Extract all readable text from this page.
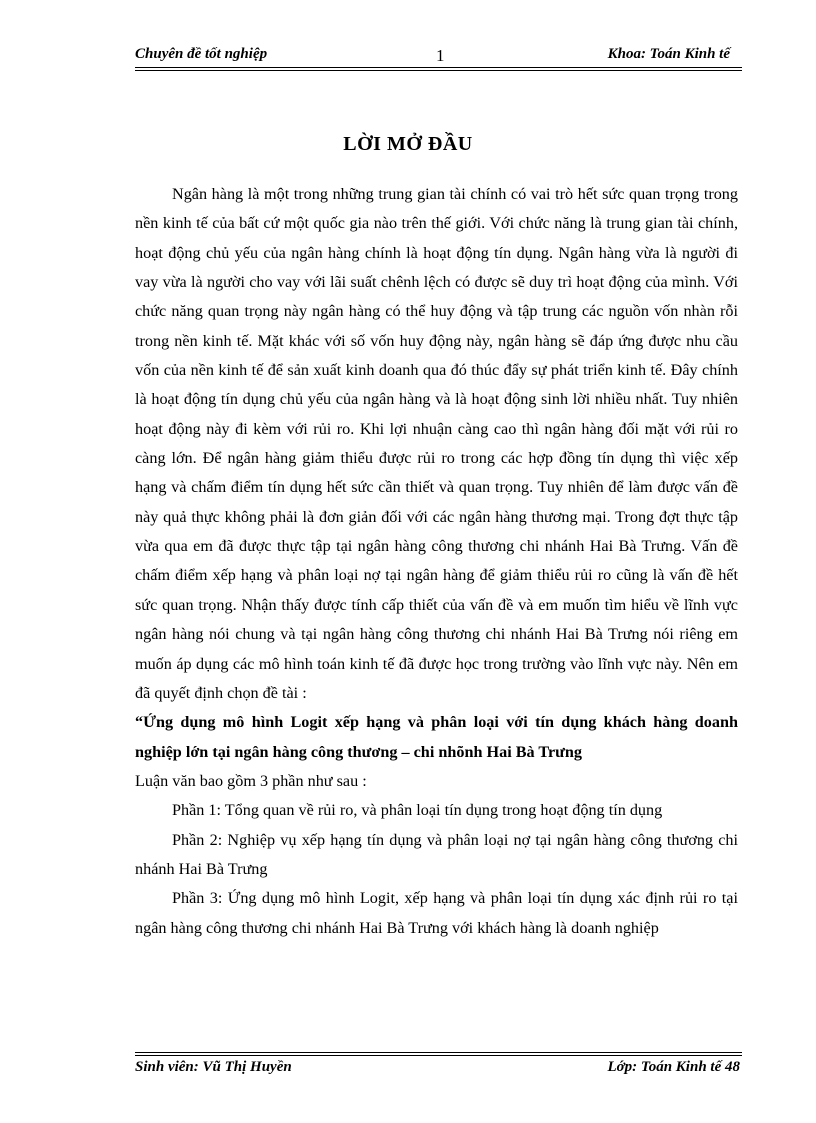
Chuyên đề tốt nghiệp	1	Khoa: Toán Kinh tế
LỜI MỞ ĐẦU

Ngân hàng là một trong những trung gian tài chính có vai trò hết sức quan trọng trong nền kinh tế của bất cứ một quốc gia nào trên thế giới. Với chức năng là trung gian tài chính, hoạt động chủ yếu của ngân hàng chính là hoạt động tín dụng. Ngân hàng vừa là người đi vay vừa là người cho vay với lãi suất chênh lệch có được sẽ duy trì hoạt động của mình. Với chức năng quan trọng này ngân hàng có thể huy động và tập trung các nguồn vốn nhàn rỗi trong nền kinh tế. Mặt khác với số vốn huy động này, ngân hàng sẽ đáp ứng được nhu cầu vốn của nền kinh tế để sản xuất kinh doanh qua đó thúc đẩy sự phát triển kinh tế. Đây chính là hoạt động tín dụng chủ yếu của ngân hàng và là hoạt động sinh lời nhiều nhất. Tuy nhiên hoạt động này đi kèm với rủi ro. Khi lợi nhuận càng cao thì ngân hàng đối mặt với rủi ro càng lớn. Để ngân hàng giảm thiểu được rủi ro trong các hợp đồng tín dụng thì việc xếp hạng và chấm điểm tín dụng hết sức cần thiết và quan trọng. Tuy nhiên để làm được vấn đề này quả thực không phải là đơn giản đối với các ngân hàng thương mại. Trong đợt thực tập vừa qua em đã được thực tập tại ngân hàng công thương chi nhánh Hai Bà Trưng. Vấn đề chấm điểm xếp hạng và phân loại nợ tại ngân hàng để giảm thiểu rủi ro cũng là vấn đề hết sức quan trọng. Nhận thấy được tính cấp thiết của vấn đề và em muốn tìm hiểu về lĩnh vực ngân hàng nói chung và tại ngân hàng công thương chi nhánh Hai Bà Trưng nói riêng em muốn áp dụng các mô hình toán kinh tế đã được học trong trường vào lĩnh vực này. Nên em đã quyết định chọn đề tài :

“Ứng dụng mô hình Logit xếp hạng và phân loại với tín dụng khách hàng doanh nghiệp lớn tại ngân hàng công thương – chi nhõnh Hai Bà Trưng

Luận văn bao gồm 3 phần như sau :

Phần 1: Tổng quan về rủi ro, và phân loại tín dụng trong hoạt động tín dụng

Phần 2: Nghiệp vụ xếp hạng tín dụng và phân loại nợ tại ngân hàng công thương chi nhánh Hai Bà Trưng

Phần 3: Ứng dụng mô hình Logit, xếp hạng và phân loại tín dụng xác định rủi ro tại ngân hàng công thương chi nhánh Hai Bà Trưng với khách hàng là doanh nghiệp

Sinh viên: Vũ Thị Huyền	Lớp: Toán Kinh tế 48
